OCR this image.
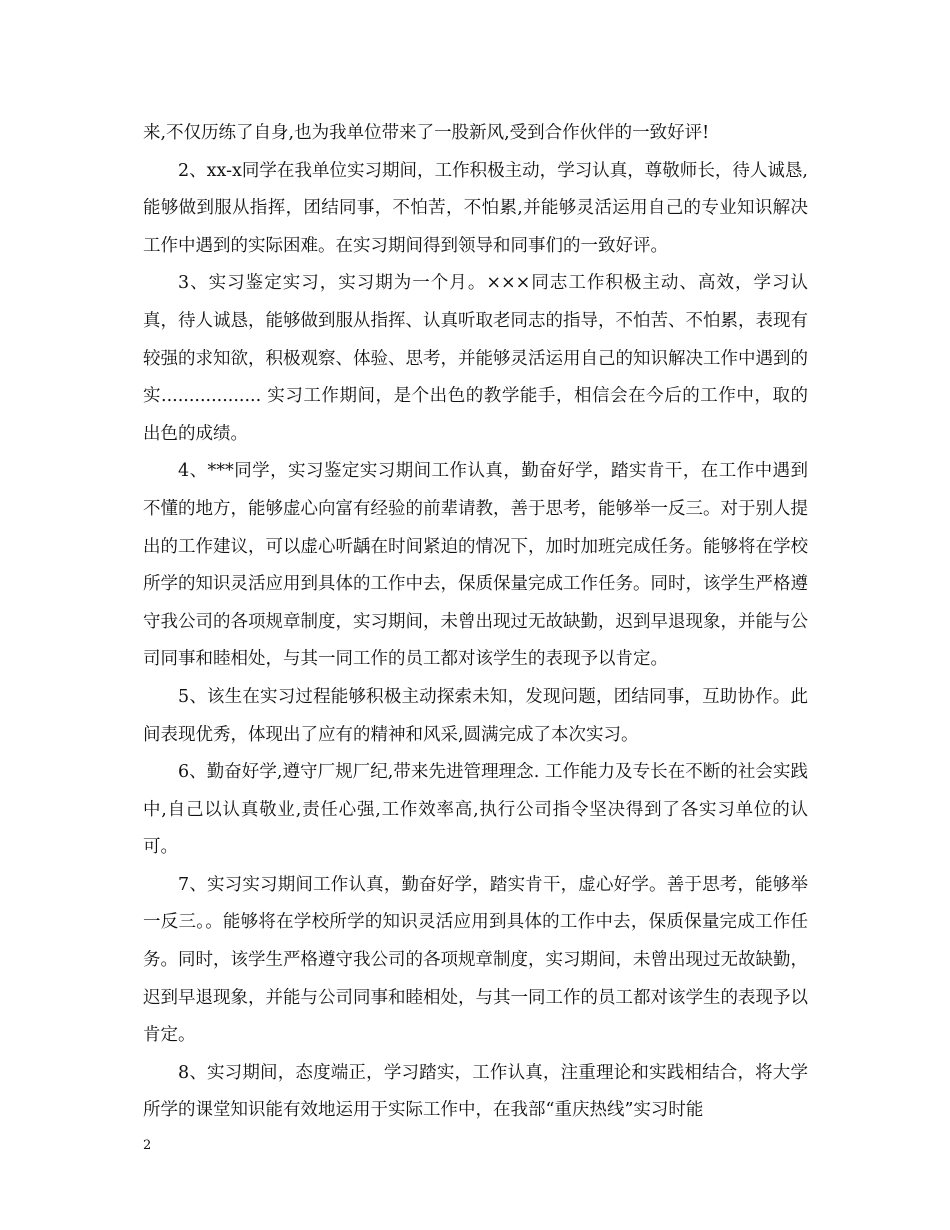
来,不仅历练了自身,也为我单位带来了一股新风,受到合作伙伴的一致好评!

2、xx-x同学在我单位实习期间，工作积极主动，学习认真，尊敬师长，待人诚恳,能够做到服从指挥，团结同事，不怕苦，不怕累,并能够灵活运用自己的专业知识解决工作中遇到的实际困难。在实习期间得到领导和同事们的一致好评。

3、实习鉴定实习，实习期为一个月。×××同志工作积极主动、高效，学习认真，待人诚恳，能够做到服从指挥、认真听取老同志的指导，不怕苦、不怕累，表现有较强的求知欲，积极观察、体验、思考，并能够灵活运用自己的知识解决工作中遇到的实.................. 实习工作期间，是个出色的教学能手，相信会在今后的工作中，取的出色的成绩。

4、***同学，实习鉴定实习期间工作认真，勤奋好学，踏实肯干，在工作中遇到不懂的地方，能够虚心向富有经验的前辈请教，善于思考，能够举一反三。对于别人提出的工作建议，可以虚心听龋在时间紧迫的情况下，加时加班完成任务。能够将在学校所学的知识灵活应用到具体的工作中去，保质保量完成工作任务。同时，该学生严格遵守我公司的各项规章制度，实习期间，未曾出现过无故缺勤，迟到早退现象，并能与公司同事和睦相处，与其一同工作的员工都对该学生的表现予以肯定。

5、该生在实习过程能够积极主动探索未知，发现问题，团结同事，互助协作。此间表现优秀，体现出了应有的精神和风采,圆满完成了本次实习。

6、勤奋好学,遵守厂规厂纪,带来先进管理理念. 工作能力及专长在不断的社会实践中,自己以认真敬业,责任心强,工作效率高,执行公司指令坚决得到了各实习单位的认可。

7、实习实习期间工作认真，勤奋好学，踏实肯干，虚心好学。善于思考，能够举一反三。。能够将在学校所学的知识灵活应用到具体的工作中去，保质保量完成工作任务。同时，该学生严格遵守我公司的各项规章制度，实习期间，未曾出现过无故缺勤，迟到早退现象，并能与公司同事和睦相处，与其一同工作的员工都对该学生的表现予以肯定。

8、实习期间，态度端正，学习踏实，工作认真，注重理论和实践相结合，将大学所学的课堂知识能有效地运用于实际工作中，在我部“重庆热线”实习时能

2
